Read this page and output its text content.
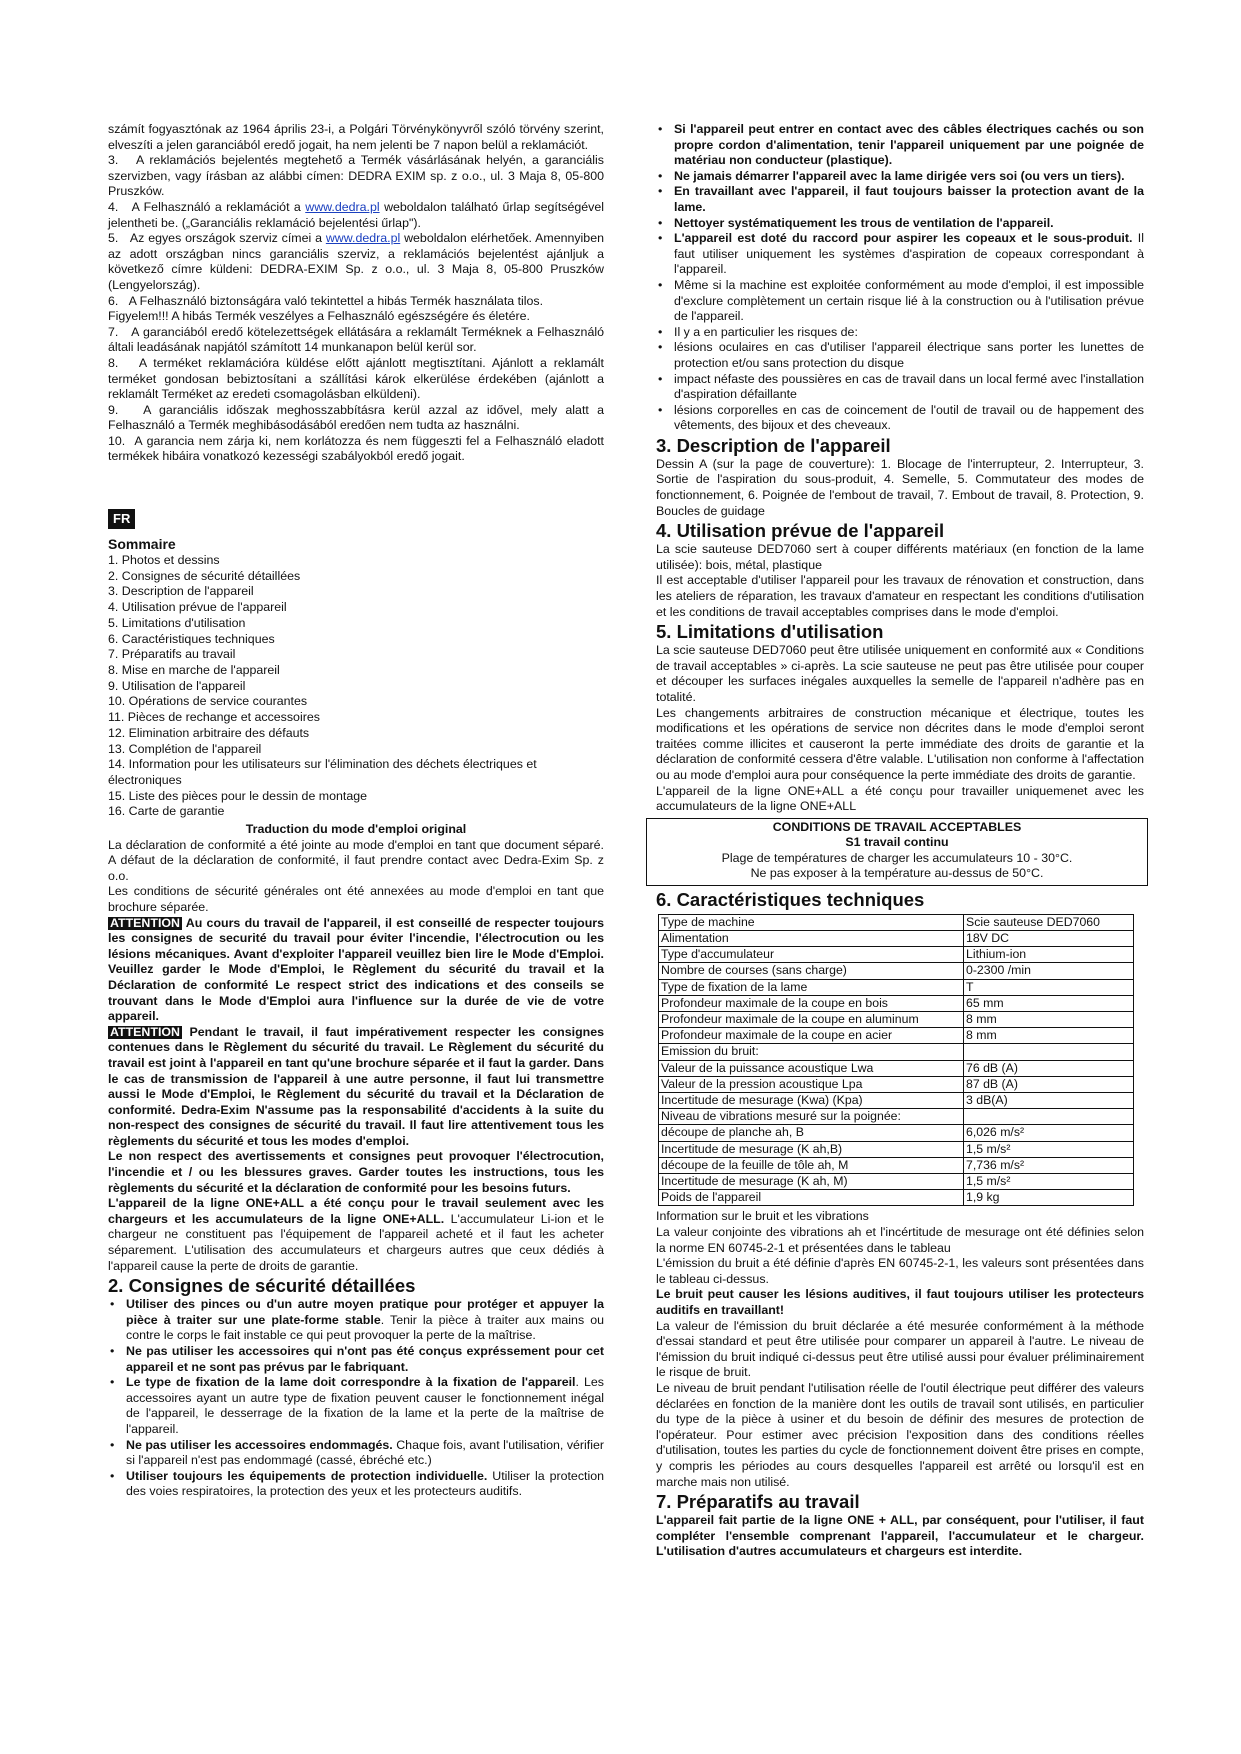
számít fogyasztónak az 1964 április 23-i, a Polgári Törvénykönyvről szóló törvény szerint, elveszíti a jelen garanciából eredő jogait, ha nem jelenti be 7 napon belül a reklamációt.

3.   A reklamációs bejelentés megtehető a Termék vásárlásának helyén, a garanciális szervizben, vagy írásban az alábbi címen: DEDRA EXIM sp. z o.o., ul. 3 Maja 8, 05-800 Pruszków.

4.   A Felhasználó a reklamációt a www.dedra.pl weboldalon található űrlap segítségével jelentheti be. („Garanciális reklamáció bejelentési űrlap").

5.   Az egyes országok szerviz címei a www.dedra.pl weboldalon elérhetőek. Amennyiben az adott országban nincs garanciális szerviz, a reklamációs bejelentést ajánljuk a következő címre küldeni: DEDRA-EXIM Sp. z o.o., ul. 3 Maja 8, 05-800 Pruszków (Lengyelország).

6.   A Felhasználó biztonságára való tekintettel a hibás Termék használata tilos.

Figyelem!!! A hibás Termék veszélyes a Felhasználó egészségére és életére.

7.   A garanciából eredő kötelezettségek ellátására a reklamált Terméknek a Felhasználó általi leadásának napjától számított 14 munkanapon belül kerül sor.

8.   A terméket reklamációra küldése előtt ajánlott megtisztítani. Ajánlott a reklamált terméket gondosan bebiztosítani a szállítási károk elkerülése érdekében (ajánlott a reklamált Terméket az eredeti csomagolásban elküldeni).

9.   A garanciális időszak meghosszabbításra kerül azzal az idővel, mely alatt a Felhasználó a Termék meghibásodásából eredően nem tudta az használni.

10.  A garancia nem zárja ki, nem korlátozza és nem függeszti fel a Felhasználó eladott termékek hibáira vonatkozó kezességi szabályokból eredő jogait.

FR
Sommaire
1. Photos et dessins
2. Consignes de sécurité détaillées
3. Description de l'appareil
4. Utilisation prévue de l'appareil
5. Limitations d'utilisation
6. Caractéristiques techniques
7. Préparatifs au travail
8. Mise en marche de l'appareil
9. Utilisation de l'appareil
10. Opérations de service courantes
11. Pièces de rechange et accessoires
12. Elimination arbitraire des défauts
13. Complétion de l'appareil
14. Information pour les utilisateurs sur l'élimination des déchets électriques et électroniques
15. Liste des pièces pour le dessin de montage
16. Carte de garantie
Traduction du mode d'emploi original

La déclaration de conformité a été jointe au mode d'emploi en tant que document séparé. A défaut de la déclaration de conformité, il faut prendre contact avec Dedra-Exim Sp. z o.o.

Les conditions de sécurité générales ont été annexées au mode d'emploi en tant que brochure séparée.

ATTENTION Au cours du travail de l'appareil, il est conseillé de respecter toujours les consignes de securité du travail pour éviter l'incendie, l'électrocution ou les lésions mécaniques. Avant d'exploiter l'appareil veuillez bien lire le Mode d'Emploi. Veuillez garder le Mode d'Emploi, le Règlement du sécurité du travail et la Déclaration de conformité Le respect strict des indications et des conseils se trouvant dans le Mode d'Emploi aura l'influence sur la durée de vie de votre appareil.

ATTENTION Pendant le travail, il faut impérativement respecter les consignes contenues dans le Règlement du sécurité du travail. Le Règlement du sécurité du travail est joint à l'appareil en tant qu'une brochure séparée et il faut la garder. Dans le cas de transmission de l'appareil à une autre personne, il faut lui transmettre aussi le Mode d'Emploi, le Règlement du sécurité du travail et la Déclaration de conformité. Dedra-Exim N'assume pas la responsabilité d'accidents à la suite du non-respect des consignes de sécurité du travail. Il faut lire attentivement tous les règlements du sécurité et tous les modes d'emploi.

Le non respect des avertissements et consignes peut provoquer l'électrocution, l'incendie et / ou les blessures graves. Garder toutes les instructions, tous les règlements du sécurité et la déclaration de conformité pour les besoins futurs.

L'appareil de la ligne ONE+ALL a été conçu pour le travail seulement avec les chargeurs et les accumulateurs de la ligne ONE+ALL. L'accumulateur Li-ion et le chargeur ne constituent pas l'équipement de l'appareil acheté et il faut les acheter séparement. L'utilisation des accumulateurs et chargeurs autres que ceux dédiés à l'appareil cause la perte de droits de garantie.

2. Consignes de sécurité détaillées
• Utiliser des pinces ou d'un autre moyen pratique pour protéger et appuyer la pièce à traiter sur une plate-forme stable. Tenir la pièce à traiter aux mains ou contre le corps le fait instable ce qui peut provoquer la perte de la maîtrise.
• Ne pas utiliser les accessoires qui n'ont pas été conçus expréssement pour cet appareil et ne sont pas prévus par le fabriquant.
• Le type de fixation de la lame doit correspondre à la fixation de l'appareil. Les accessoires ayant un autre type de fixation peuvent causer le fonctionnement inégal de l'appareil, le desserrage de la fixation de la lame et la perte de la maîtrise de l'appareil.
• Ne pas utiliser les accessoires endommagés. Chaque fois, avant l'utilisation, vérifier si l'appareil n'est pas endommagé (cassé, ébréché etc.)
• Utiliser toujours les équipements de protection individuelle. Utiliser la protection des voies respiratoires, la protection des yeux et les protecteurs auditifs.
• Si l'appareil peut entrer en contact avec des câbles électriques cachés ou son propre cordon d'alimentation, tenir l'appareil uniquement par une poignée de matériau non conducteur (plastique).
• Ne jamais démarrer l'appareil avec la lame dirigée vers soi (ou vers un tiers).
• En travaillant avec l'appareil, il faut toujours baisser la protection avant de la lame.
• Nettoyer systématiquement les trous de ventilation de l'appareil.
• L'appareil est doté du raccord pour aspirer les copeaux et le sous-produit. Il faut utiliser uniquement les systèmes d'aspiration de copeaux correspondant à l'appareil.
• Même si la machine est exploitée conformément au mode d'emploi, il est impossible d'exclure complètement un certain risque lié à la construction ou à l'utilisation prévue de l'appareil.
• Il y a en particulier les risques de:
• lésions oculaires en cas d'utiliser l'appareil électrique sans porter les lunettes de protection et/ou sans protection du disque
• impact néfaste des poussières en cas de travail dans un local fermé avec l'installation d'aspiration défaillante
• lésions corporelles en cas de coincement de l'outil de travail ou de happement des vêtements, des bijoux et des cheveaux.
3. Description de l'appareil

Dessin A (sur la page de couverture): 1. Blocage de l'interrupteur, 2. Interrupteur, 3. Sortie de l'aspiration du sous-produit, 4. Semelle, 5. Commutateur des modes de fonctionnement, 6. Poignée de l'embout de travail, 7. Embout de travail, 8. Protection, 9. Boucles de guidage

4. Utilisation prévue de l'appareil

La scie sauteuse DED7060 sert à couper différents matériaux (en fonction de la lame utilisée): bois, métal, plastique

Il est acceptable d'utiliser l'appareil pour les travaux de rénovation et construction, dans les ateliers de réparation, les travaux d'amateur en respectant les conditions d'utilisation et les conditions de travail acceptables comprises dans le mode d'emploi.

5. Limitations d'utilisation

La scie sauteuse DED7060 peut être utilisée uniquement en conformité aux « Conditions de travail acceptables » ci-après. La scie sauteuse ne peut pas être utilisée pour couper et découper les surfaces inégales auxquelles la semelle de l'appareil n'adhère pas en totalité.

Les changements arbitraires de construction mécanique et électrique, toutes les modifications et les opérations de service non décrites dans le mode d'emploi seront traitées comme illicites et causeront la perte immédiate des droits de garantie et la déclaration de conformité cessera d'être valable. L'utilisation non conforme à l'affectation ou au mode d'emploi aura pour conséquence la perte immédiate des droits de garantie.

L'appareil de la ligne ONE+ALL a été conçu pour travailler uniquemenet avec les accumulateurs de la ligne ONE+ALL

CONDITIONS DE TRAVAIL ACCEPTABLES
S1 travail continu
Plage de températures de charger les accumulateurs 10 - 30°C.
Ne pas exposer à la température au-dessus de 50°C.
6. Caractéristiques techniques
Type de machine	Scie sauteuse DED7060
Alimentation	18V DC
Type d'accumulateur	Lithium-ion
Nombre de courses (sans charge)	0-2300 /min
Type de fixation de la lame	T
Profondeur maximale de la coupe en bois	65 mm
Profondeur maximale de la coupe en aluminum	8 mm
Profondeur maximale de la coupe en acier	8 mm
Emission du bruit:	
Valeur de la puissance acoustique Lwa	76 dB (A)
Valeur de la pression acoustique Lpa	87 dB (A)
Incertitude de mesurage (Kwa) (Kpa)	3 dB(A)
Niveau de vibrations mesuré sur la poignée:	
découpe de planche ah, B	6,026 m/s²
Incertitude de mesurage (K ah,B)	1,5 m/s²
découpe de la feuille de tôle ah, M	7,736 m/s²
Incertitude de mesurage (K ah, M)	1,5 m/s²
Poids de l'appareil	1,9 kg

Information sur le bruit et les vibrations

La valeur conjointe des vibrations ah et l'incértitude de mesurage ont été définies selon la norme EN 60745-2-1 et présentées dans le tableau

L'émission du bruit a été définie d'après EN 60745-2-1, les valeurs sont présentées dans le tableau ci-dessus.

Le bruit peut causer les lésions auditives, il faut toujours utiliser les protecteurs auditifs en travaillant!

La valeur de l'émission du bruit déclarée a été mesurée conformément à la méthode d'essai standard et peut être utilisée pour comparer un appareil à l'autre. Le niveau de l'émission du bruit indiqué ci-dessus peut être utilisé aussi pour évaluer préliminairement le risque de bruit.

Le niveau de bruit pendant l'utilisation réelle de l'outil électrique peut différer des valeurs déclarées en fonction de la manière dont les outils de travail sont utilisés, en particulier du type de la pièce à usiner et du besoin de définir des mesures de protection de l'opérateur. Pour estimer avec précision l'exposition dans des conditions réelles d'utilisation, toutes les parties du cycle de fonctionnement doivent être prises en compte, y compris les périodes au cours desquelles l'appareil est arrêté ou lorsqu'il est en marche mais non utilisé.

7. Préparatifs au travail

L'appareil fait partie de la ligne ONE + ALL, par conséquent, pour l'utiliser, il faut compléter l'ensemble comprenant l'appareil, l'accumulateur et le chargeur. L'utilisation d'autres accumulateurs et chargeurs est interdite.
